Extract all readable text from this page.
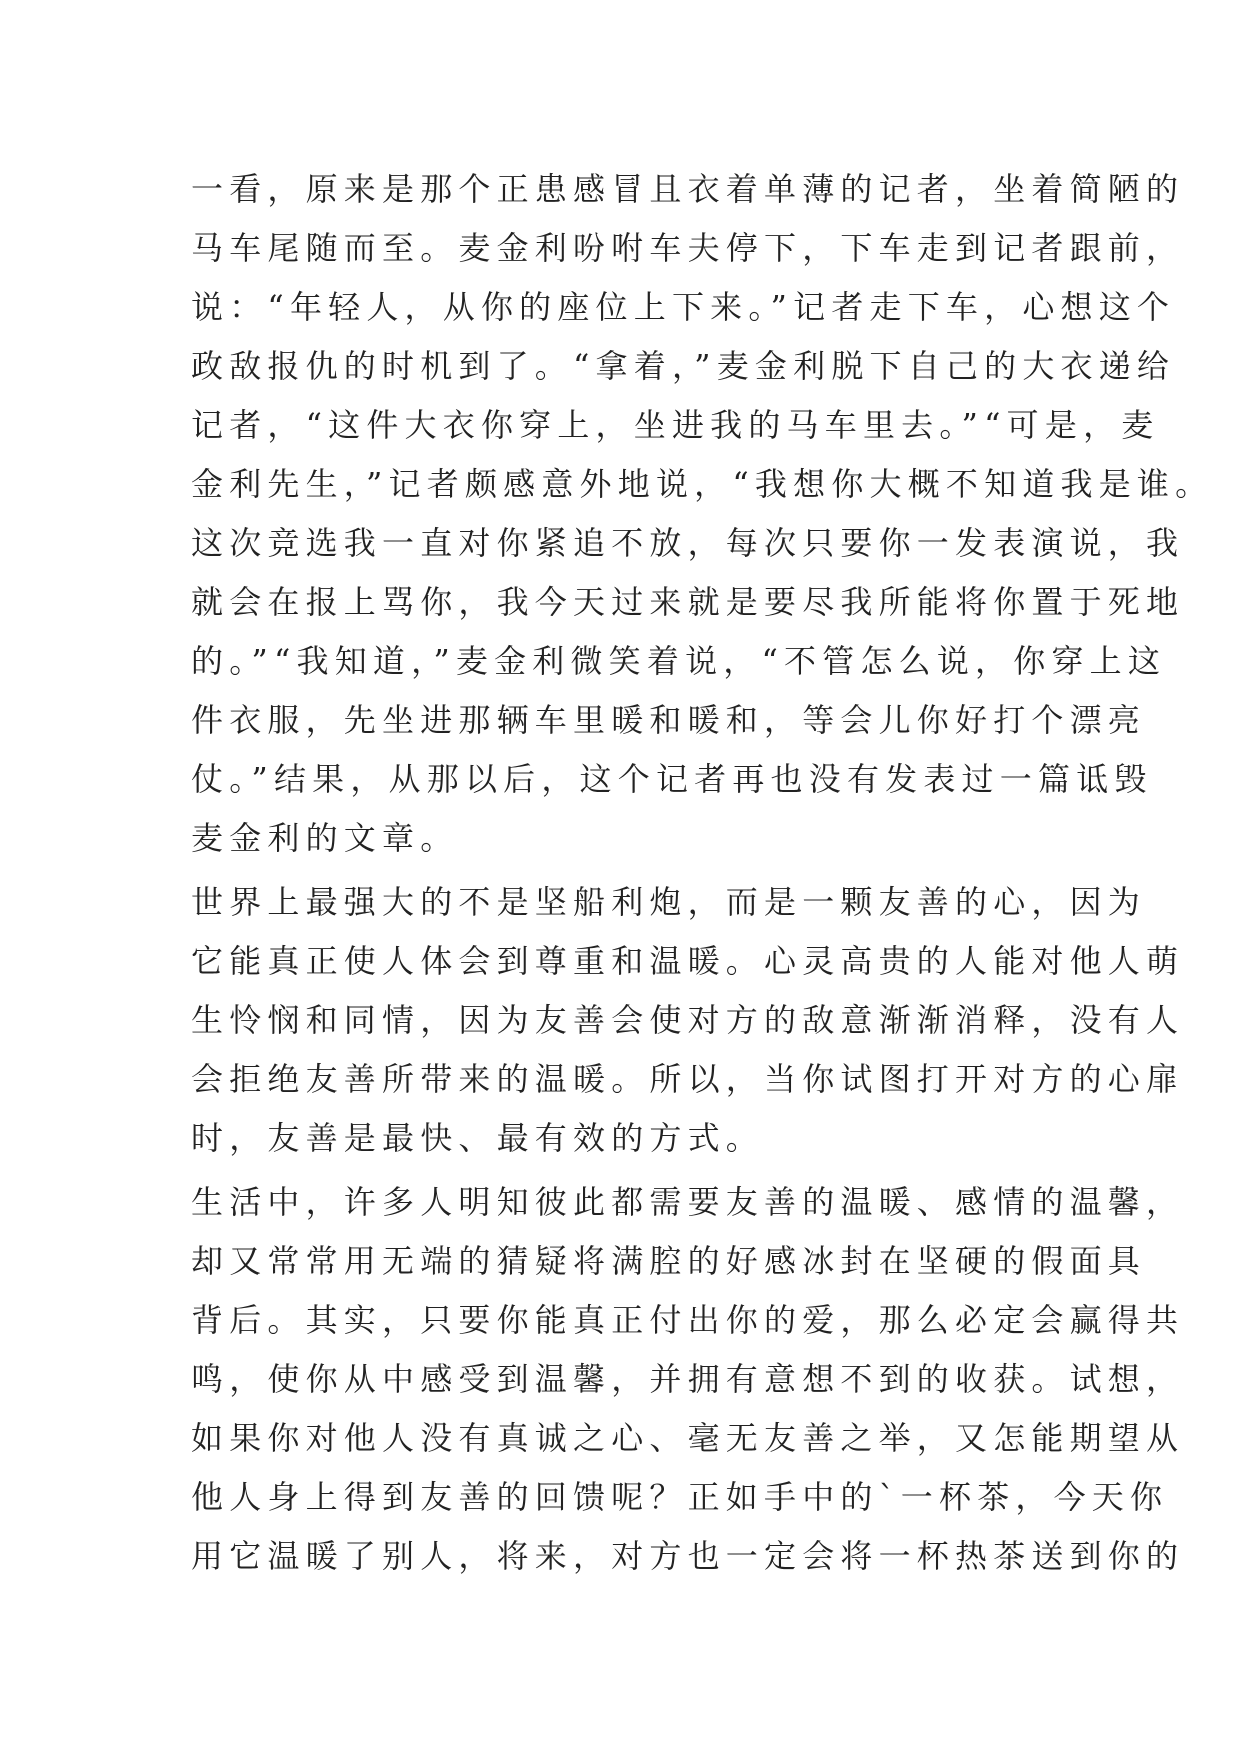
一看，原来是那个正患感冒且衣着单薄的记者，坐着简陋的
马车尾随而至。麦金利吩咐车夫停下，下车走到记者跟前，
说：“年轻人，从你的座位上下来。”记者走下车，心想这个
政敌报仇的时机到了。“拿着，”麦金利脱下自己的大衣递给
记者，“这件大衣你穿上，坐进我的马车里去。”“可是，麦
金利先生，”记者颇感意外地说，“我想你大概不知道我是谁。
这次竞选我一直对你紧追不放，每次只要你一发表演说，我
就会在报上骂你，我今天过来就是要尽我所能将你置于死地
的。”“我知道，”麦金利微笑着说，“不管怎么说，你穿上这
件衣服，先坐进那辆车里暖和暖和，等会儿你好打个漂亮
仗。”结果，从那以后，这个记者再也没有发表过一篇诋毁
麦金利的文章。
世界上最强大的不是坚船利炮，而是一颗友善的心，因为
它能真正使人体会到尊重和温暖。心灵高贵的人能对他人萌
生怜悯和同情，因为友善会使对方的敌意渐渐消释，没有人
会拒绝友善所带来的温暖。所以，当你试图打开对方的心扉
时，友善是最快、最有效的方式。
生活中，许多人明知彼此都需要友善的温暖、感情的温馨，
却又常常用无端的猜疑将满腔的好感冰封在坚硬的假面具
背后。其实，只要你能真正付出你的爱，那么必定会赢得共
鸣，使你从中感受到温馨，并拥有意想不到的收获。试想，
如果你对他人没有真诚之心、毫无友善之举，又怎能期望从
他人身上得到友善的回馈呢？正如手中的`一杯茶，今天你
用它温暖了别人，将来，对方也一定会将一杯热茶送到你的
